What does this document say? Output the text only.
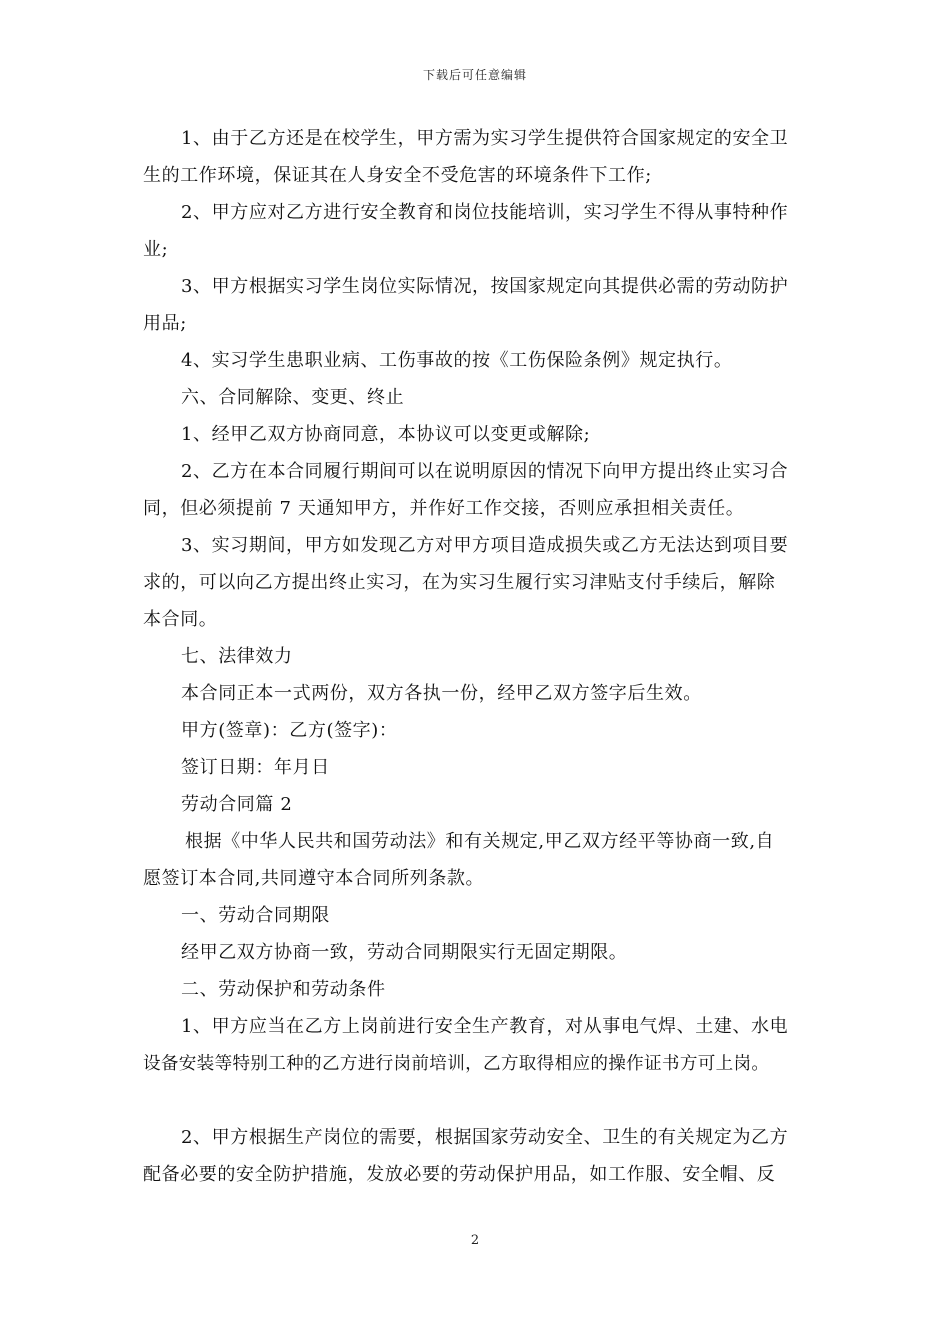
下载后可任意编辑
1、由于乙方还是在校学生，甲方需为实习学生提供符合国家规定的安全卫
生的工作环境，保证其在人身安全不受危害的环境条件下工作;
2、甲方应对乙方进行安全教育和岗位技能培训，实习学生不得从事特种作
业;
3、甲方根据实习学生岗位实际情况，按国家规定向其提供必需的劳动防护
用品;
4、实习学生患职业病、工伤事故的按《工伤保险条例》规定执行。
六、合同解除、变更、终止
1、经甲乙双方协商同意，本协议可以变更或解除;
2、乙方在本合同履行期间可以在说明原因的情况下向甲方提出终止实习合
同，但必须提前 7 天通知甲方，并作好工作交接，否则应承担相关责任。
3、实习期间，甲方如发现乙方对甲方项目造成损失或乙方无法达到项目要
求的，可以向乙方提出终止实习，在为实习生履行实习津贴支付手续后，解除
本合同。
七、法律效力
本合同正本一式两份，双方各执一份，经甲乙双方签字后生效。
甲方(签章)：乙方(签字)：
签订日期：年月日
劳动合同篇 2
根据《中华人民共和国劳动法》和有关规定,甲乙双方经平等协商一致,自
愿签订本合同,共同遵守本合同所列条款。
一、劳动合同期限
经甲乙双方协商一致，劳动合同期限实行无固定期限。
二、劳动保护和劳动条件
1、甲方应当在乙方上岗前进行安全生产教育，对从事电气焊、土建、水电
设备安装等特别工种的乙方进行岗前培训，乙方取得相应的操作证书方可上岗。
2、甲方根据生产岗位的需要，根据国家劳动安全、卫生的有关规定为乙方
配备必要的安全防护措施，发放必要的劳动保护用品，如工作服、安全帽、反
2
